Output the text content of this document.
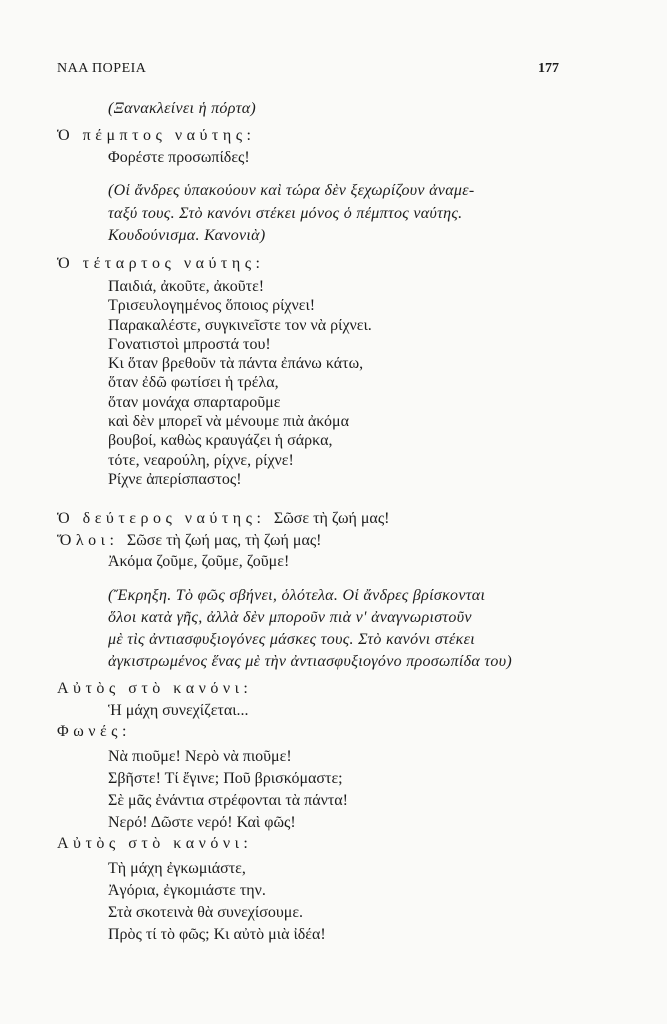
ΝΑΑ ΠΟΡΕΙΑ	177
(Ξανακλείνει ἡ πόρτα)
Ὁ πέμπτος ναύτης:
Φορέστε προσωπίδες!
(Οἱ ἄνδρες ὑπακούουν καὶ τώρα δὲν ξεχωρίζουν ἀναμε-
ταξύ τους. Στὸ κανόνι στέκει μόνος ὁ πέμπτος ναύτης.
Κουδούνισμα. Κανονιὰ)
Ὁ τέταρτος ναύτης:
Παιδιά, ἀκοῦτε, ἀκοῦτε!
Τρισευλογημένος ὅποιος ρίχνει!
Παρακαλέστε, συγκινεῖστε τον νὰ ρίχνει.
Γονατιστοὶ μπροστά του!
Κι ὅταν βρεθοῦν τὰ πάντα ἐπάνω κάτω,
ὅταν ἐδῶ φωτίσει ἡ τρέλα,
ὅταν μονάχα σπαρταροῦμε
καὶ δὲν μπορεῖ νὰ μένουμε πιὰ ἀκόμα
βουβοί, καθὼς κραυγάζει ἡ σάρκα,
τότε, νεαρούλη, ρίχνε, ρίχνε!
Ρίχνε ἀπερίσπαστος!
Ὁ δεύτερος ναύτης: Σῶσε τὴ ζωή μας!
Ὅλοι: Σῶσε τὴ ζωή μας, τὴ ζωή μας!
Ἀκόμα ζοῦμε, ζοῦμε, ζοῦμε!
(Ἔκρηξη. Τὸ φῶς σβήνει, ὁλότελα. Οἱ ἄνδρες βρίσκονται
ὅλοι κατὰ γῆς, ἀλλὰ δὲν μποροῦν πιὰ ν' ἀναγνωριστοῦν
μὲ τὶς ἀντιασφυξιογόνες μάσκες τους. Στὸ κανόνι στέκει
ἀγκιστρωμένος ἕνας μὲ τὴν ἀντιασφυξιογόνο προσωπίδα του)
Αὐτὸς στὸ κανόνι:
Ἡ μάχη συνεχίζεται...
Φωνές:
Νὰ πιοῦμε! Νερὸ νὰ πιοῦμε!
Σβῆστε! Τί ἔγινε; Ποῦ βρισκόμαστε;
Σὲ μᾶς ἐνάντια στρέφονται τὰ πάντα!
Νερό! Δῶστε νερό! Καὶ φῶς!
Αὐτὸς στὸ κανόνι:
Τὴ μάχη ἐγκωμιάστε,
Ἀγόρια, ἐγκομιάστε την.
Στὰ σκοτεινὰ θὰ συνεχίσουμε.
Πρὸς τί τὸ φῶς; Κι αὐτὸ μιὰ ἰδέα!
